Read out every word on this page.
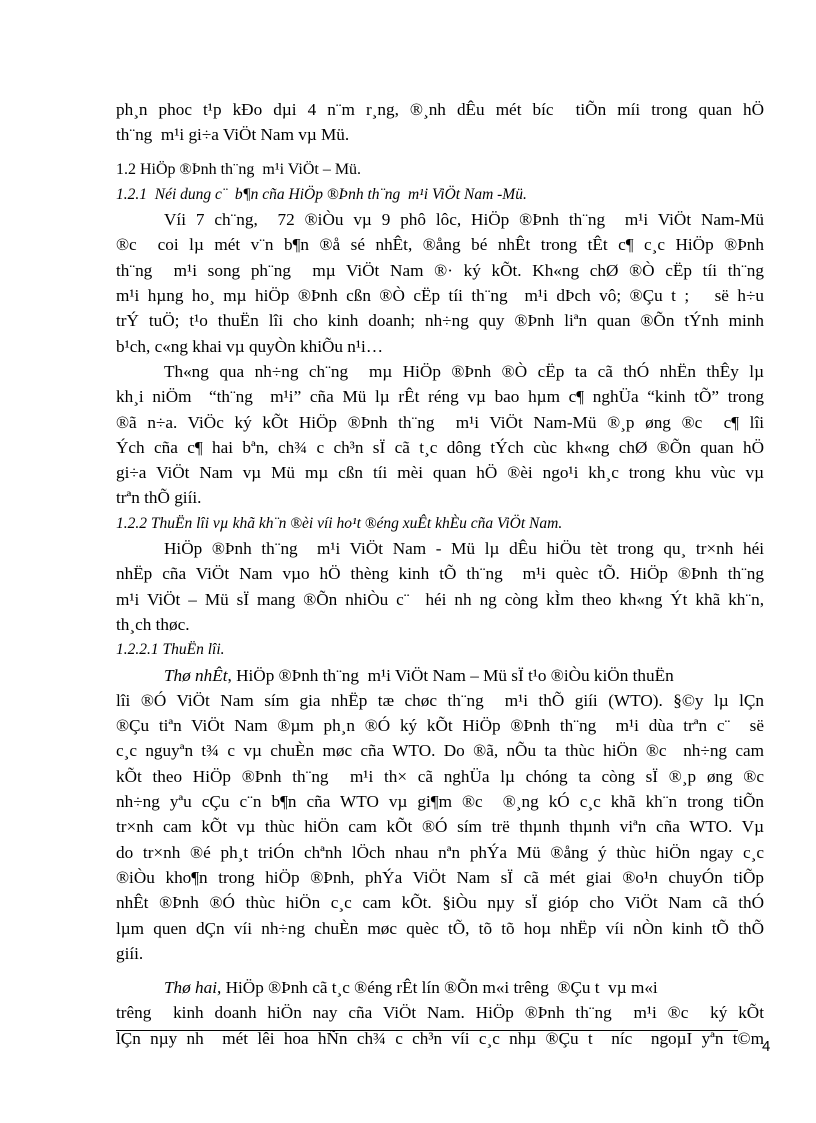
ph¸n phoc t¹p kÐo dµi 4 n¨m r¸ng, ®¸nh dÊu mét bíc  tiÕn míi trong quan hÖ
th¨ng  m¹i gi÷a ViÖt Nam vµ Mü.
1.2 HiÖp ®Þnh th¨ng  m¹i ViÖt – Mü.
1.2.1  Néi dung c¨  b¶n cña HiÖp ®Þnh th¨ng  m¹i ViÖt Nam -Mü.
Víi 7 ch¨ng,  72 ®iÒu vµ 9 phô lôc, HiÖp ®Þnh th¨ng  m¹i ViÖt Nam-Mü
®c  coi lµ mét v¨n b¶n ®å sé nhÊt, ®ång bé nhÊt trong tÊt c¶ c¸c HiÖp ®Þnh
th¨ng  m¹i song ph¨ng  mµ ViÖt Nam ®· ký kÕt. Kh«ng chØ ®Ò cËp tíi th¨ng
m¹i hµng ho¸ mµ hiÖp ®Þnh cßn ®Ò cËp tíi th¨ng  m¹i dÞch vô; ®Çu t ;   së h÷u
trÝ tuÖ; t¹o thuËn lîi cho kinh doanh; nh÷ng quy ®Þnh liªn quan ®Õn tÝnh minh
b¹ch, c«ng khai vµ quyÒn khiÕu n¹i…
Th«ng qua nh÷ng ch¨ng  mµ HiÖp ®Þnh ®Ò cËp ta cã thÓ nhËn thÊy lµ
kh¸i niÖm  “th¨ng  m¹i” cña Mü lµ rÊt réng vµ bao hµm c¶ nghÜa “kinh tÕ” trong
®ã n÷a. ViÖc ký kÕt HiÖp ®Þnh th¨ng  m¹i ViÖt Nam-Mü ®¸p øng ®c  c¶ lîi
Ých cña c¶ hai bªn, ch¾ c ch³n sÏ cã t¸c dông tÝch cùc kh«ng chØ ®Õn quan hÖ
gi÷a ViÖt Nam vµ Mü mµ cßn tíi mèi quan hÖ ®èi ngo¹i kh¸c trong khu vùc vµ
trªn thÕ giíi.
1.2.2 ThuËn lîi vµ khã kh¨n ®èi víi ho¹t ®éng xuÊt khÈu cña ViÖt Nam.
HiÖp ®Þnh th¨ng  m¹i ViÖt Nam - Mü lµ dÊu hiÖu tèt trong qu¸ tr×nh héi
nhËp cña ViÖt Nam vµo hÖ thèng kinh tÕ th¨ng  m¹i quèc tÕ. HiÖp ®Þnh th¨ng
m¹i ViÖt – Mü sÏ mang ®Õn nhiÒu c¨  héi nh ng còng kÌm theo kh«ng Ýt khã kh¨n,
th¸ch thøc.
1.2.2.1 ThuËn lîi.
Thø nhÊt, HiÖp ®Þnh th¨ng  m¹i ViÖt Nam – Mü sÏ t¹o ®iÒu kiÖn thuËn
lîi ®Ó ViÖt Nam sím gia nhËp tæ chøc th¨ng  m¹i thÕ giíi (WTO). §©y lµ lÇn
®Çu tiªn ViÖt Nam ®µm ph¸n ®Ó ký kÕt HiÖp ®Þnh th¨ng  m¹i dùa trªn c¨  së
c¸c nguyªn t¾ c vµ chuÈn møc cña WTO. Do ®ã, nÕu ta thùc hiÖn ®c  nh÷ng cam
kÕt theo HiÖp ®Þnh th¨ng  m¹i th× cã nghÜa lµ chóng ta còng sÏ ®¸p øng ®c
nh÷ng yªu cÇu c¨n b¶n cña WTO vµ gi¶m ®c  ®¸ng kÓ c¸c khã kh¨n trong tiÕn
tr×nh cam kÕt vµ thùc hiÖn cam kÕt ®Ó sím trë thµnh thµnh viªn cña WTO. Vµ
do tr×nh ®é ph¸t triÓn chªnh lÖch nhau nªn phÝa Mü ®ång ý thùc hiÖn ngay c¸c
®iÒu kho¶n trong hiÖp ®Þnh, phÝa ViÖt Nam sÏ cã mét giai ®o¹n chuyÓn tiÕp
nhÊt ®Þnh ®Ó thùc hiÖn c¸c cam kÕt. §iÒu nµy sÏ gióp cho ViÖt Nam cã thÓ
lµm quen dÇn víi nh÷ng chuÈn møc quèc tÕ, tõ tõ hoµ nhËp víi nÒn kinh tÕ thÕ
giíi.
Thø hai, HiÖp ®Þnh cã t¸c ®éng rÊt lín ®Õn m«i trêng  ®Çu t  vµ m«i
trêng  kinh doanh hiÖn nay cña ViÖt Nam. HiÖp ®Þnh th¨ng  m¹i ®c  ký kÕt
lÇn nµy nh  mét lêi hoa hÑn ch¾ c ch³n víi c¸c nhµ ®Çu t  níc  ngoµI yªn t©m
4
